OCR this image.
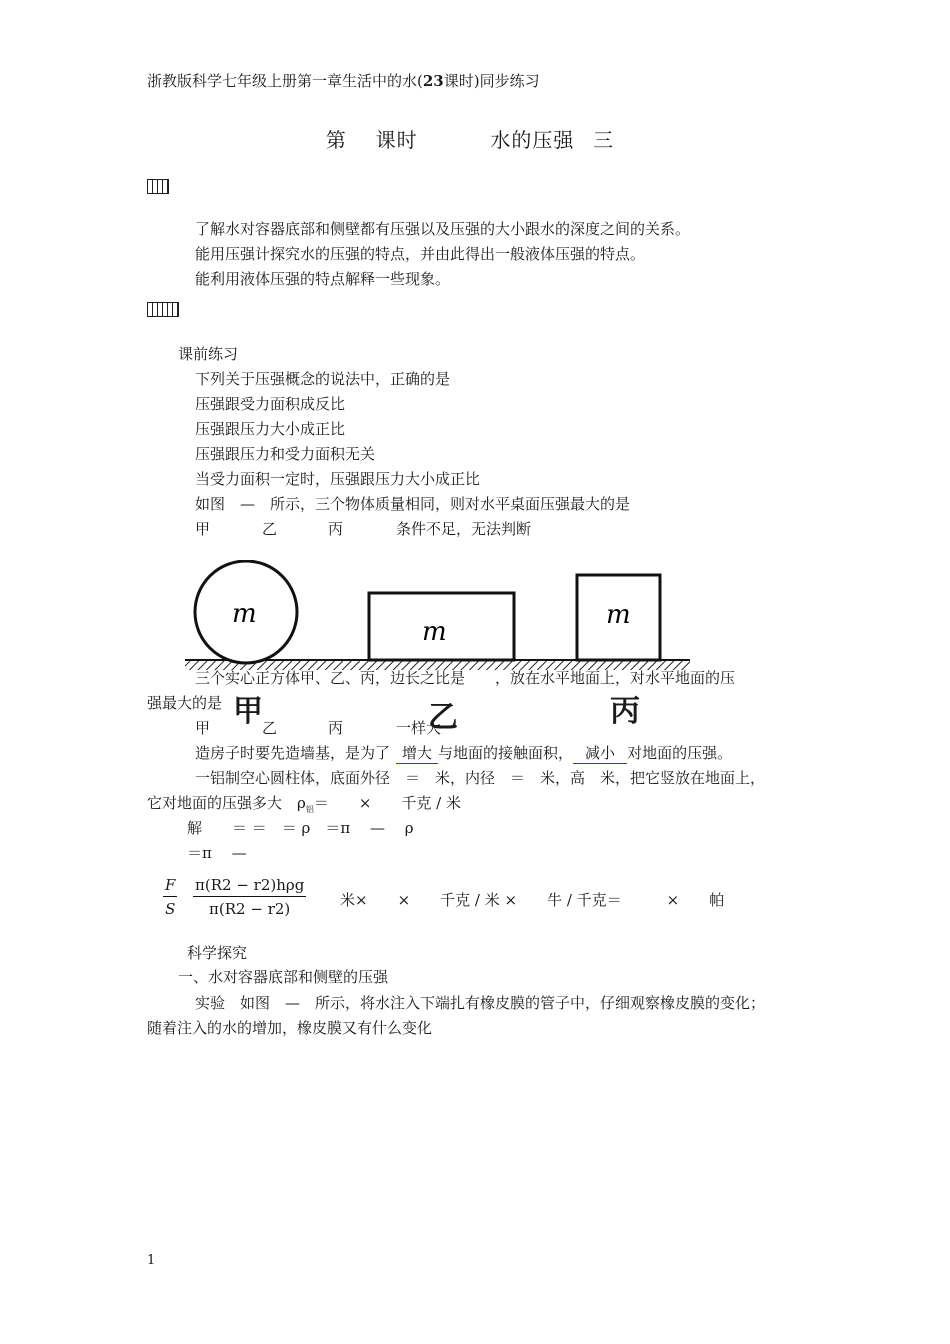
浙教版科学七年级上册第一章生活中的水(23课时)同步练习
第 课时	水的压强 三
了解水对容器底部和侧壁都有压强以及压强的大小跟水的深度之间的关系。
能用压强计探究水的压强的特点，并由此得出一般液体压强的特点。
能利用液体压强的特点解释一些现象。
课前练习
下列关于压强概念的说法中，正确的是
压强跟受力面积成反比
压强跟压力大小成正比
压强跟压力和受力面积无关
当受力面积一定时，压强跟压力大小成正比
如图　—　所示，三个物体质量相同，则对水平桌面压强最大的是
甲	乙	丙	条件不足，无法判断
m
m
m
三个实心正方体甲、乙、丙，边长之比是　　，放在水平地面上，对水平地面的压
强最大的是 甲	乙	丙
甲	乙	丙	一样大
造房子时要先造墙基，是为了 增大 与地面的接触面积， 减小 对地面的压强。
一铝制空心圆柱体，底面外径　＝　米，内径　＝　米，高　米，把它竖放在地面上，
它对地面的压强多大　$\rho_铝=$　　×　　千克 / 米
解　　＝ ＝　＝ ρ　＝π　 —　 ρ
＝π　 —
$\frac{F}{S} \pi(R2 - r2)h\rho g$
π(R2 − r2)	米×　　×　　千克 / 米 ×　　牛 / 千克＝　　　×　　帕
科学探究
一、水对容器底部和侧壁的压强
实验　如图　—　所示，将水注入下端扎有橡皮膜的管子中，仔细观察橡皮膜的变化；
随着注入的水的增加，橡皮膜又有什么变化
1
